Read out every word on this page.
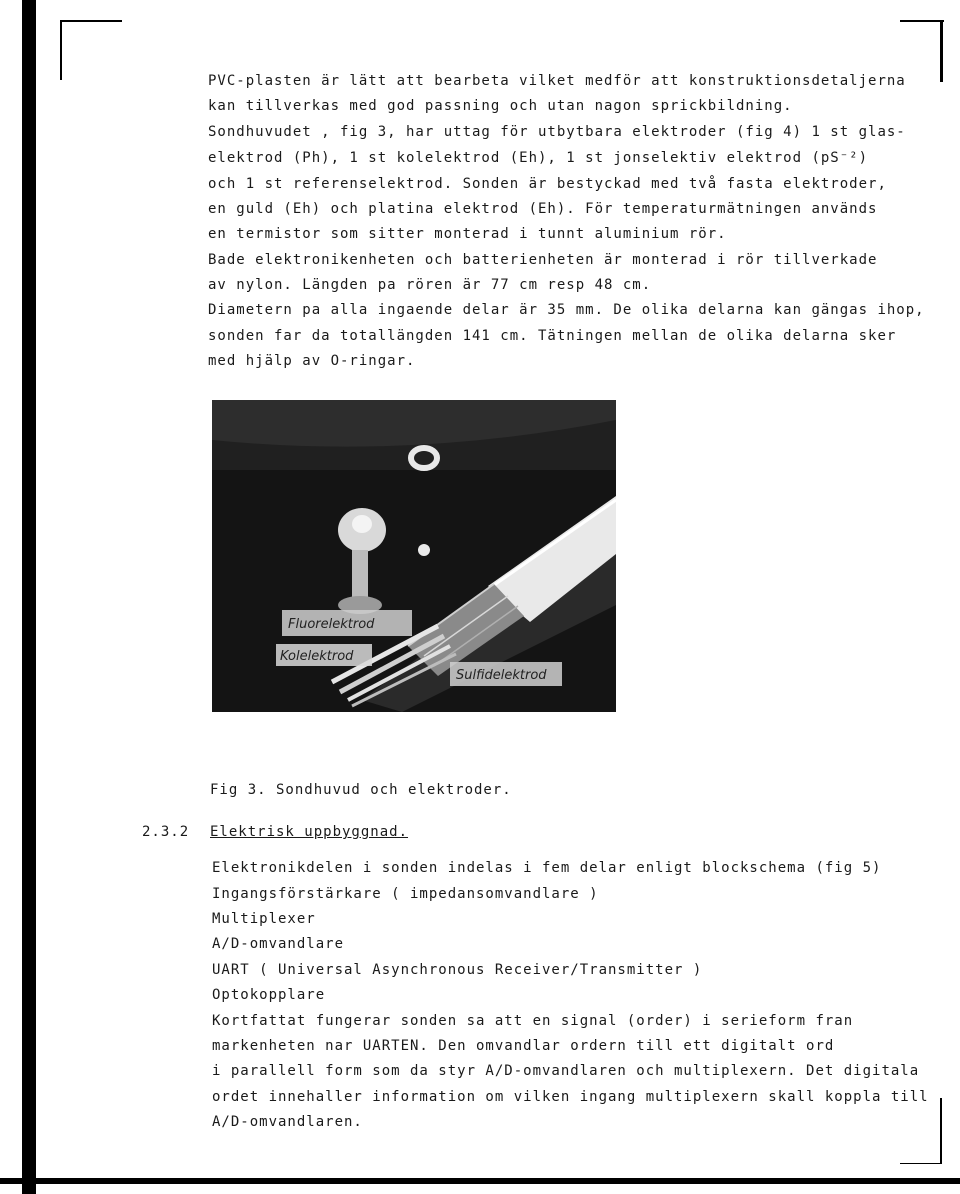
PVC-plasten är lätt att bearbeta vilket medför att konstruktionsdetaljerna
kan tillverkas med god passning och utan nagon sprickbildning.
Sondhuvudet , fig 3, har uttag för utbytbara elektroder (fig 4) 1 st glas-
elektrod (Ph), 1 st kolelektrod (Eh), 1 st jonselektiv elektrod (pS⁻²)
och 1 st referenselektrod. Sonden är bestyckad med två fasta elektroder,
en guld (Eh) och platina elektrod (Eh). För temperaturmätningen används
en termistor som sitter monterad i tunnt aluminium rör.
Bade elektronikenheten och batterienheten är monterad i rör tillverkade
av nylon. Längden pa rören är 77 cm resp 48 cm.
Diametern pa alla ingaende delar är 35 mm. De olika delarna kan gängas ihop,
sonden far da totallängden 141 cm. Tätningen mellan de olika delarna sker
med hjälp av O-ringar.
Fluorelektrod
Kolelektrod
Sulfidelektrod
Fig 3. Sondhuvud och elektroder.
2.3.2 Elektrisk uppbyggnad.
Elektronikdelen i sonden indelas i fem delar enligt blockschema (fig 5)
Ingangsförstärkare ( impedansomvandlare )
Multiplexer
A/D-omvandlare
UART ( Universal Asynchronous Receiver/Transmitter )
Optokopplare
Kortfattat fungerar sonden sa att en signal (order) i serieform fran
markenheten nar UARTEN. Den omvandlar ordern till ett digitalt ord
i parallell form som da styr A/D-omvandlaren och multiplexern. Det digitala
ordet innehaller information om vilken ingang multiplexern skall koppla till
A/D-omvandlaren.
